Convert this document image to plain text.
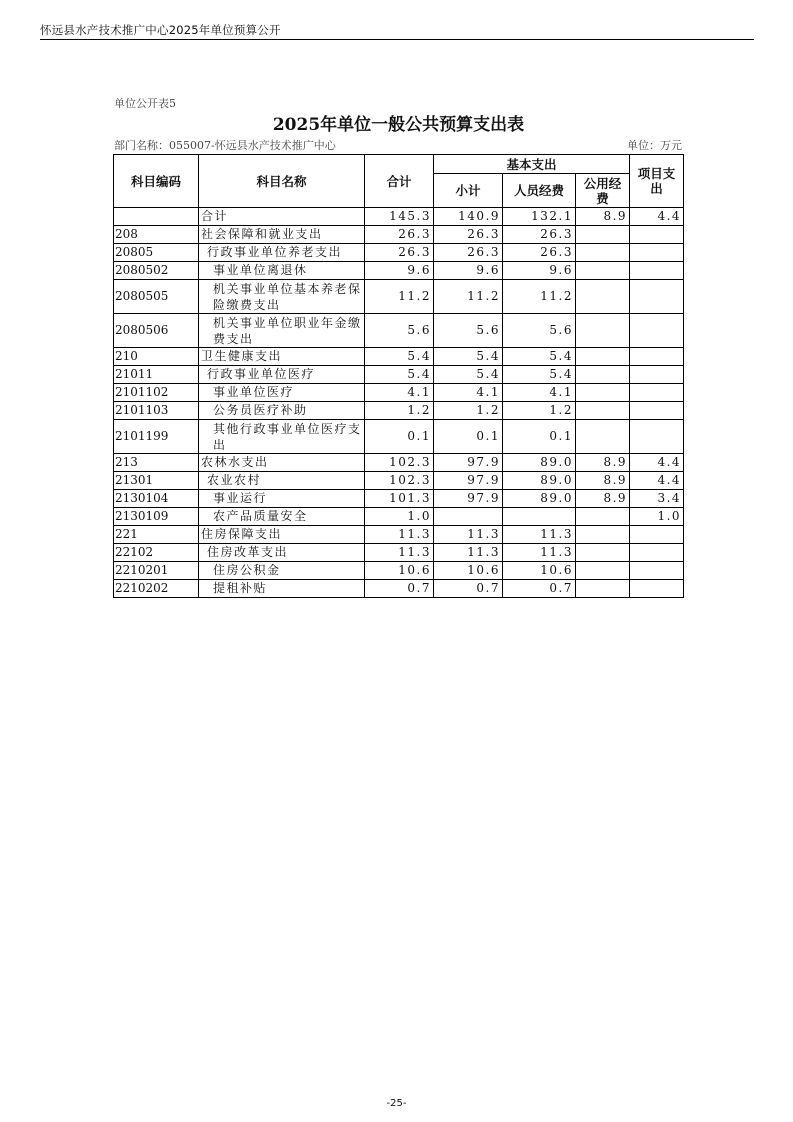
怀远县水产技术推广中心2025年单位预算公开
单位公开表5
2025年单位一般公共预算支出表
部门名称：055007-怀远县水产技术推广中心	单位：万元
科目编码	科目名称	合计	基本支出			项目支出
			小计	人员经费	公用经费	
	合计	145.3	140.9	132.1	8.9	4.4
208	社会保障和就业支出	26.3	26.3	26.3		
20805	行政事业单位养老支出	26.3	26.3	26.3		
2080502	事业单位离退休	9.6	9.6	9.6		
2080505	机关事业单位基本养老保险缴费支出	11.2	11.2	11.2		
2080506	机关事业单位职业年金缴费支出	5.6	5.6	5.6		
210	卫生健康支出	5.4	5.4	5.4		
21011	行政事业单位医疗	5.4	5.4	5.4		
2101102	事业单位医疗	4.1	4.1	4.1		
2101103	公务员医疗补助	1.2	1.2	1.2		
2101199	其他行政事业单位医疗支出	0.1	0.1	0.1		
213	农林水支出	102.3	97.9	89.0	8.9	4.4
21301	农业农村	102.3	97.9	89.0	8.9	4.4
2130104	事业运行	101.3	97.9	89.0	8.9	3.4
2130109	农产品质量安全	1.0				1.0
221	住房保障支出	11.3	11.3	11.3		
22102	住房改革支出	11.3	11.3	11.3		
2210201	住房公积金	10.6	10.6	10.6		
2210202	提租补贴	0.7	0.7	0.7		
-25-
